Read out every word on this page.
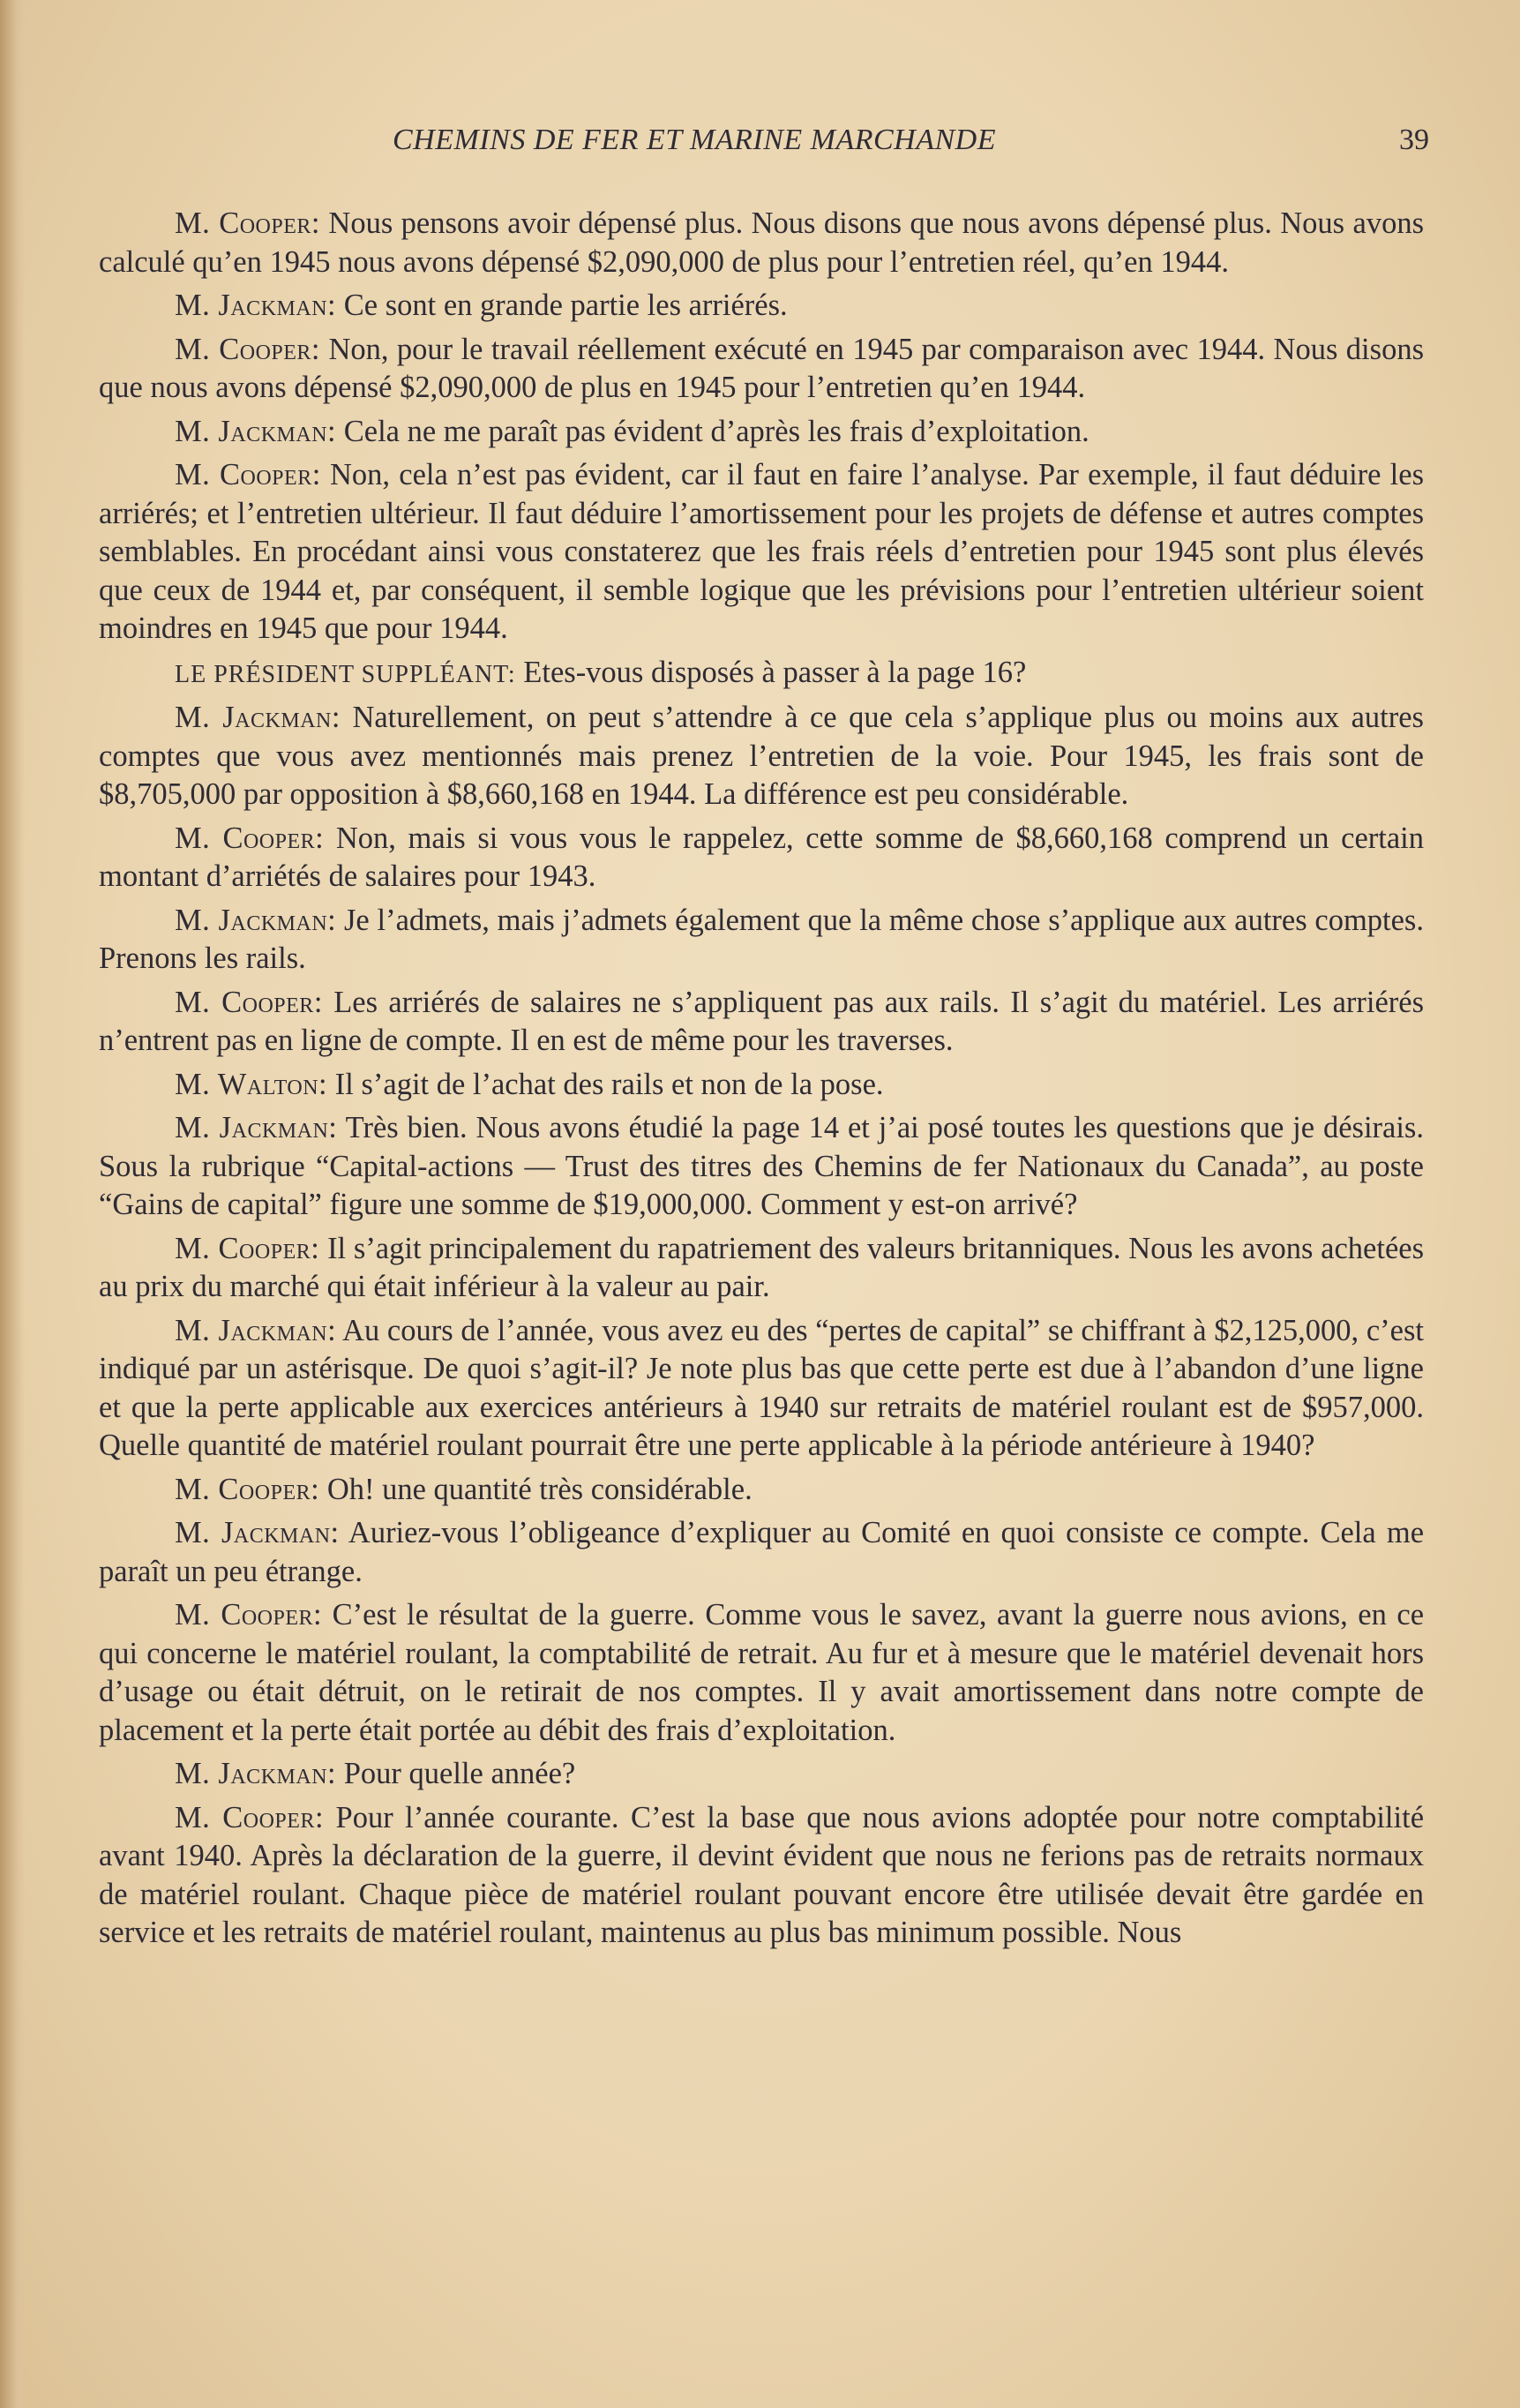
CHEMINS DE FER ET MARINE MARCHANDE	39

M. Cooper: Nous pensons avoir dépensé plus. Nous disons que nous avons dépensé plus. Nous avons calculé qu’en 1945 nous avons dépensé $2,090,000 de plus pour l’entretien réel, qu’en 1944.

M. Jackman: Ce sont en grande partie les arriérés.

M. Cooper: Non, pour le travail réellement exécuté en 1945 par comparaison avec 1944. Nous disons que nous avons dépensé $2,090,000 de plus en 1945 pour l’entretien qu’en 1944.

M. Jackman: Cela ne me paraît pas évident d’après les frais d’exploitation.

M. Cooper: Non, cela n’est pas évident, car il faut en faire l’analyse. Par exemple, il faut déduire les arriérés; et l’entretien ultérieur. Il faut déduire l’amortissement pour les projets de défense et autres comptes semblables. En procédant ainsi vous constaterez que les frais réels d’entretien pour 1945 sont plus élevés que ceux de 1944 et, par conséquent, il semble logique que les prévisions pour l’entretien ultérieur soient moindres en 1945 que pour 1944.

LE PRÉSIDENT SUPPLÉANT: Etes-vous disposés à passer à la page 16?

M. Jackman: Naturellement, on peut s’attendre à ce que cela s’applique plus ou moins aux autres comptes que vous avez mentionnés mais prenez l’entretien de la voie. Pour 1945, les frais sont de $8,705,000 par opposition à $8,660,168 en 1944. La différence est peu considérable.

M. Cooper: Non, mais si vous vous le rappelez, cette somme de $8,660,168 comprend un certain montant d’arriétés de salaires pour 1943.

M. Jackman: Je l’admets, mais j’admets également que la même chose s’applique aux autres comptes. Prenons les rails.

M. Cooper: Les arriérés de salaires ne s’appliquent pas aux rails. Il s’agit du matériel. Les arriérés n’entrent pas en ligne de compte. Il en est de même pour les traverses.

M. Walton: Il s’agit de l’achat des rails et non de la pose.

M. Jackman: Très bien. Nous avons étudié la page 14 et j’ai posé toutes les questions que je désirais. Sous la rubrique “Capital-actions — Trust des titres des Chemins de fer Nationaux du Canada”, au poste “Gains de capital” figure une somme de $19,000,000. Comment y est-on arrivé?

M. Cooper: Il s’agit principalement du rapatriement des valeurs britanniques. Nous les avons achetées au prix du marché qui était inférieur à la valeur au pair.

M. Jackman: Au cours de l’année, vous avez eu des “pertes de capital” se chiffrant à $2,125,000, c’est indiqué par un astérisque. De quoi s’agit-il? Je note plus bas que cette perte est due à l’abandon d’une ligne et que la perte applicable aux exercices antérieurs à 1940 sur retraits de matériel roulant est de $957,000. Quelle quantité de matériel roulant pourrait être une perte applicable à la période antérieure à 1940?

M. Cooper: Oh! une quantité très considérable.

M. Jackman: Auriez-vous l’obligeance d’expliquer au Comité en quoi consiste ce compte. Cela me paraît un peu étrange.

M. Cooper: C’est le résultat de la guerre. Comme vous le savez, avant la guerre nous avions, en ce qui concerne le matériel roulant, la comptabilité de retrait. Au fur et à mesure que le matériel devenait hors d’usage ou était détruit, on le retirait de nos comptes. Il y avait amortissement dans notre compte de placement et la perte était portée au débit des frais d’exploitation.

M. Jackman: Pour quelle année?

M. Cooper: Pour l’année courante. C’est la base que nous avions adoptée pour notre comptabilité avant 1940. Après la déclaration de la guerre, il devint évident que nous ne ferions pas de retraits normaux de matériel roulant. Chaque pièce de matériel roulant pouvant encore être utilisée devait être gardée en service et les retraits de matériel roulant, maintenus au plus bas minimum possible. Nous
